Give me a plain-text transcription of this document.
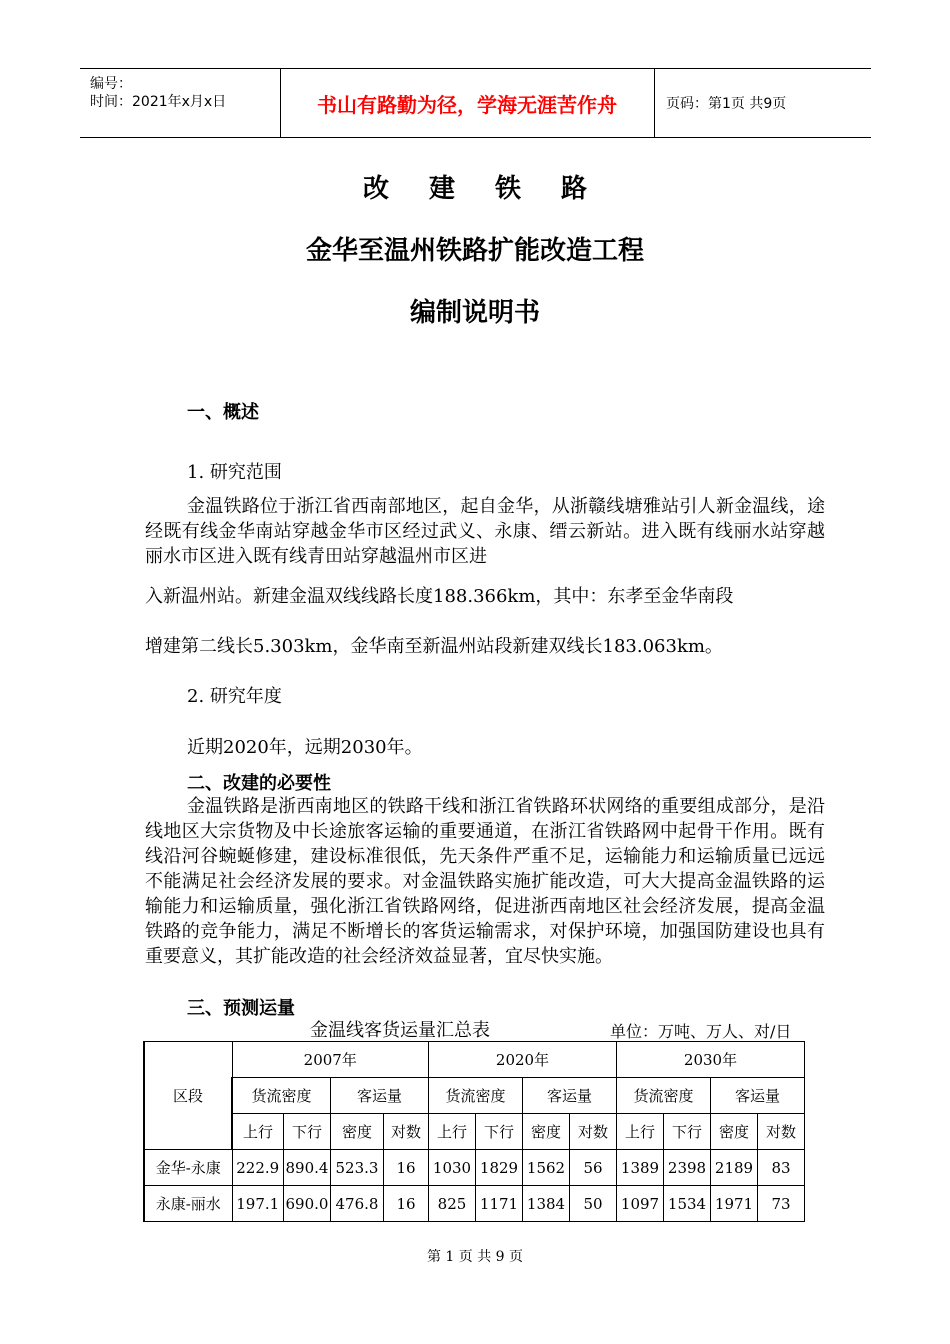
编号：
时间：2021年x月x日	书山有路勤为径，学海无涯苦作舟	页码：第1页 共9页
改建铁路
金华至温州铁路扩能改造工程
编制说明书
一、概述
1. 研究范围
金温铁路位于浙江省西南部地区，起自金华，从浙赣线塘雅站引人新金温线，途经既有线金华南站穿越金华市区经过武义、永康、缙云新站。进入既有线丽水站穿越丽水市区进入既有线青田站穿越温州市区进
入新温州站。新建金温双线线路长度188.366km，其中：东孝至金华南段
增建第二线长5.303km，金华南至新温州站段新建双线长183.063km。
2. 研究年度
近期2020年，远期2030年。
二、改建的必要性
金温铁路是浙西南地区的铁路干线和浙江省铁路环状网络的重要组成部分，是沿线地区大宗货物及中长途旅客运输的重要通道，在浙江省铁路网中起骨干作用。既有线沿河谷蜿蜒修建，建设标准很低，先天条件严重不足，运输能力和运输质量已远远不能满足社会经济发展的要求。对金温铁路实施扩能改造，可大大提高金温铁路的运输能力和运输质量，强化浙江省铁路网络，促进浙西南地区社会经济发展，提高金温铁路的竞争能力，满足不断增长的客货运输需求，对保护环境，加强国防建设也具有重要意义，其扩能改造的社会经济效益显著，宜尽快实施。
三、预测运量
金温线客货运量汇总表	单位：万吨、万人、对/日
区段	2007年				2020年				2030年			
	货流密度		客运量		货流密度		客运量		货流密度		客运量	
	上行	下行	密度	对数	上行	下行	密度	对数	上行	下行	密度	对数
金华-永康	222.9	890.4	523.3	16	1030	1829	1562	56	1389	2398	2189	83
永康-丽水	197.1	690.0	476.8	16	825	1171	1384	50	1097	1534	1971	73
第 1 页 共 9 页
